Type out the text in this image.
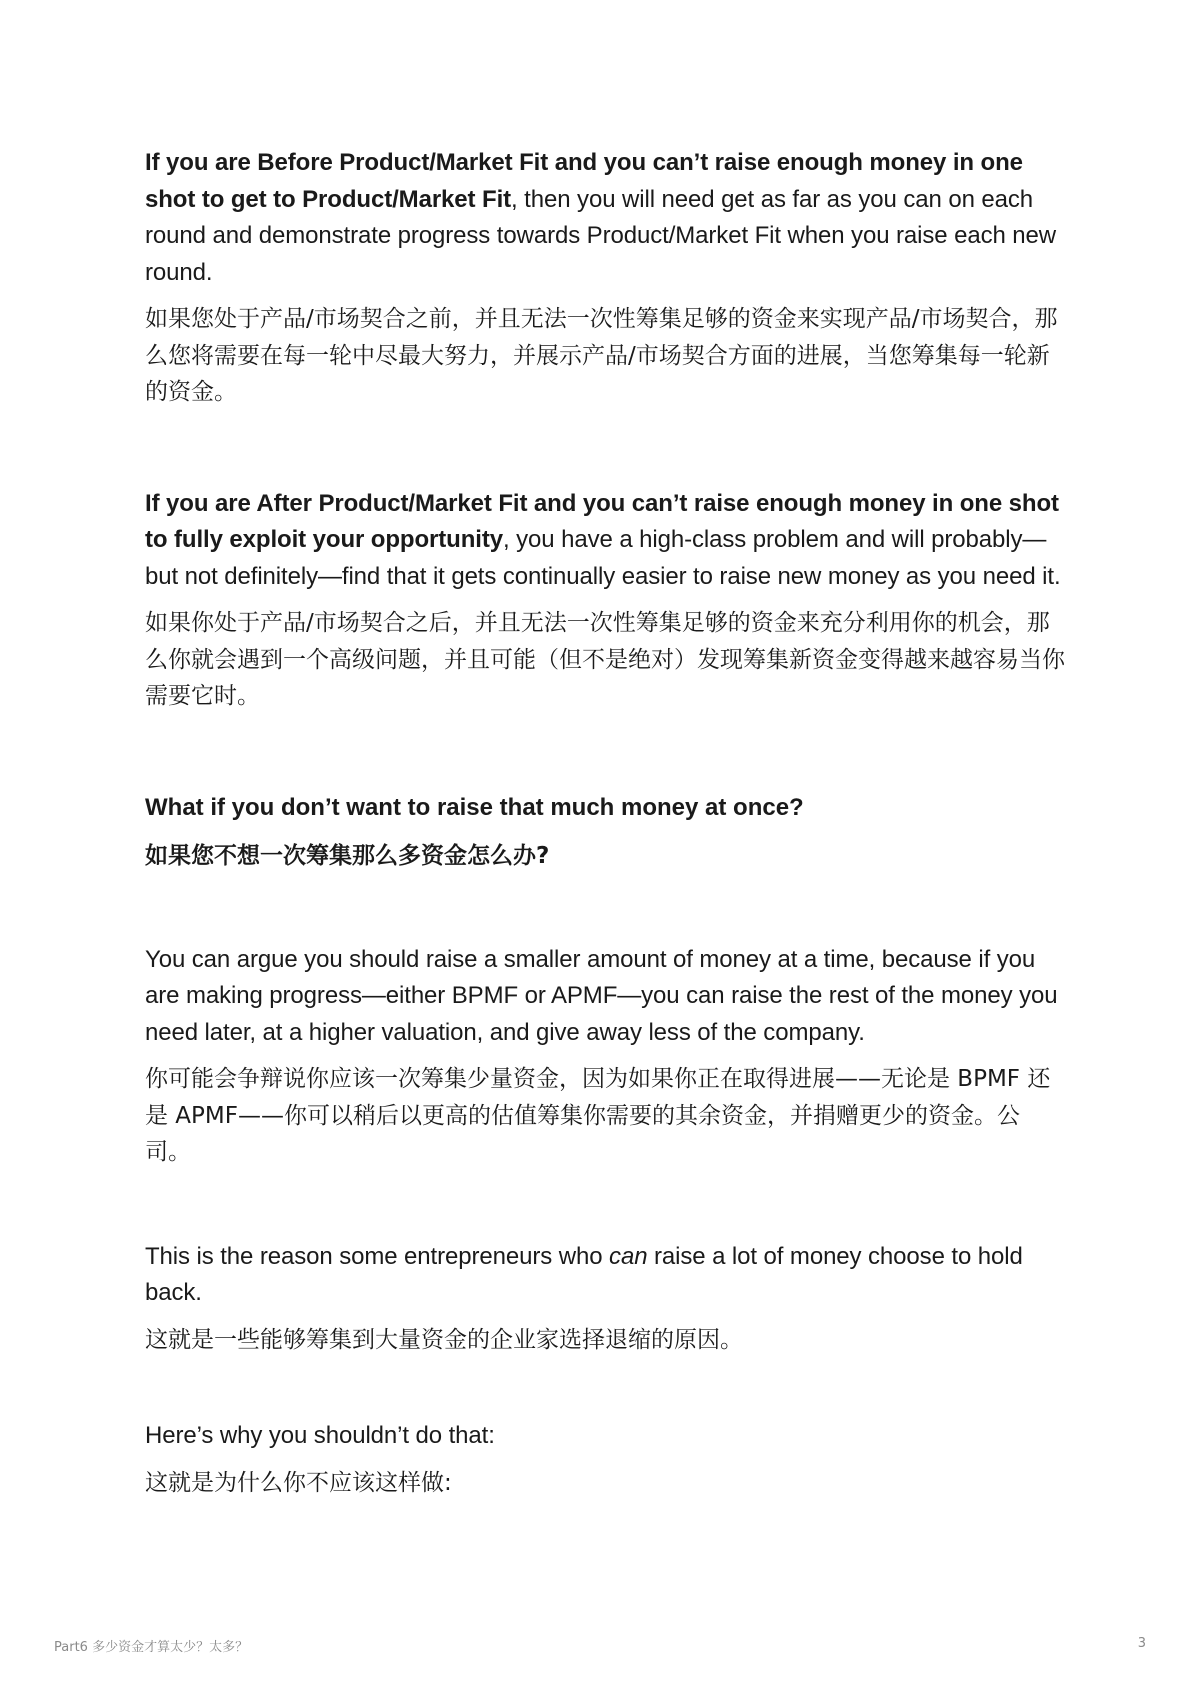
If you are Before Product/Market Fit and you can’t raise enough money in one shot to get to Product/Market Fit, then you will need get as far as you can on each round and demonstrate progress towards Product/Market Fit when you raise each new round.

如果您处于产品/市场契合之前，并且无法一次性筹集足够的资金来实现产品/市场契合，那么您将需要在每一轮中尽最大努力，并展示产品/市场契合方面的进展，当您筹集每一轮新的资金。

If you are After Product/Market Fit and you can’t raise enough money in one shot to fully exploit your opportunity, you have a high-class problem and will probably—but not definitely—find that it gets continually easier to raise new money as you need it.

如果你处于产品/市场契合之后，并且无法一次性筹集足够的资金来充分利用你的机会，那么你就会遇到一个高级问题，并且可能（但不是绝对）发现筹集新资金变得越来越容易当你需要它时。

What if you don’t want to raise that much money at once?

如果您不想一次筹集那么多资金怎么办?

You can argue you should raise a smaller amount of money at a time, because if you are making progress—either BPMF or APMF—you can raise the rest of the money you need later, at a higher valuation, and give away less of the company.

你可能会争辩说你应该一次筹集少量资金，因为如果你正在取得进展——无论是 BPMF 还是 APMF——你可以稍后以更高的估值筹集你需要的其余资金，并捐赠更少的资金。公司。

This is the reason some entrepreneurs who can raise a lot of money choose to hold back.

这就是一些能够筹集到大量资金的企业家选择退缩的原因。

Here’s why you shouldn’t do that:

这就是为什么你不应该这样做:

Part6 多少资金才算太少？太多？	3
